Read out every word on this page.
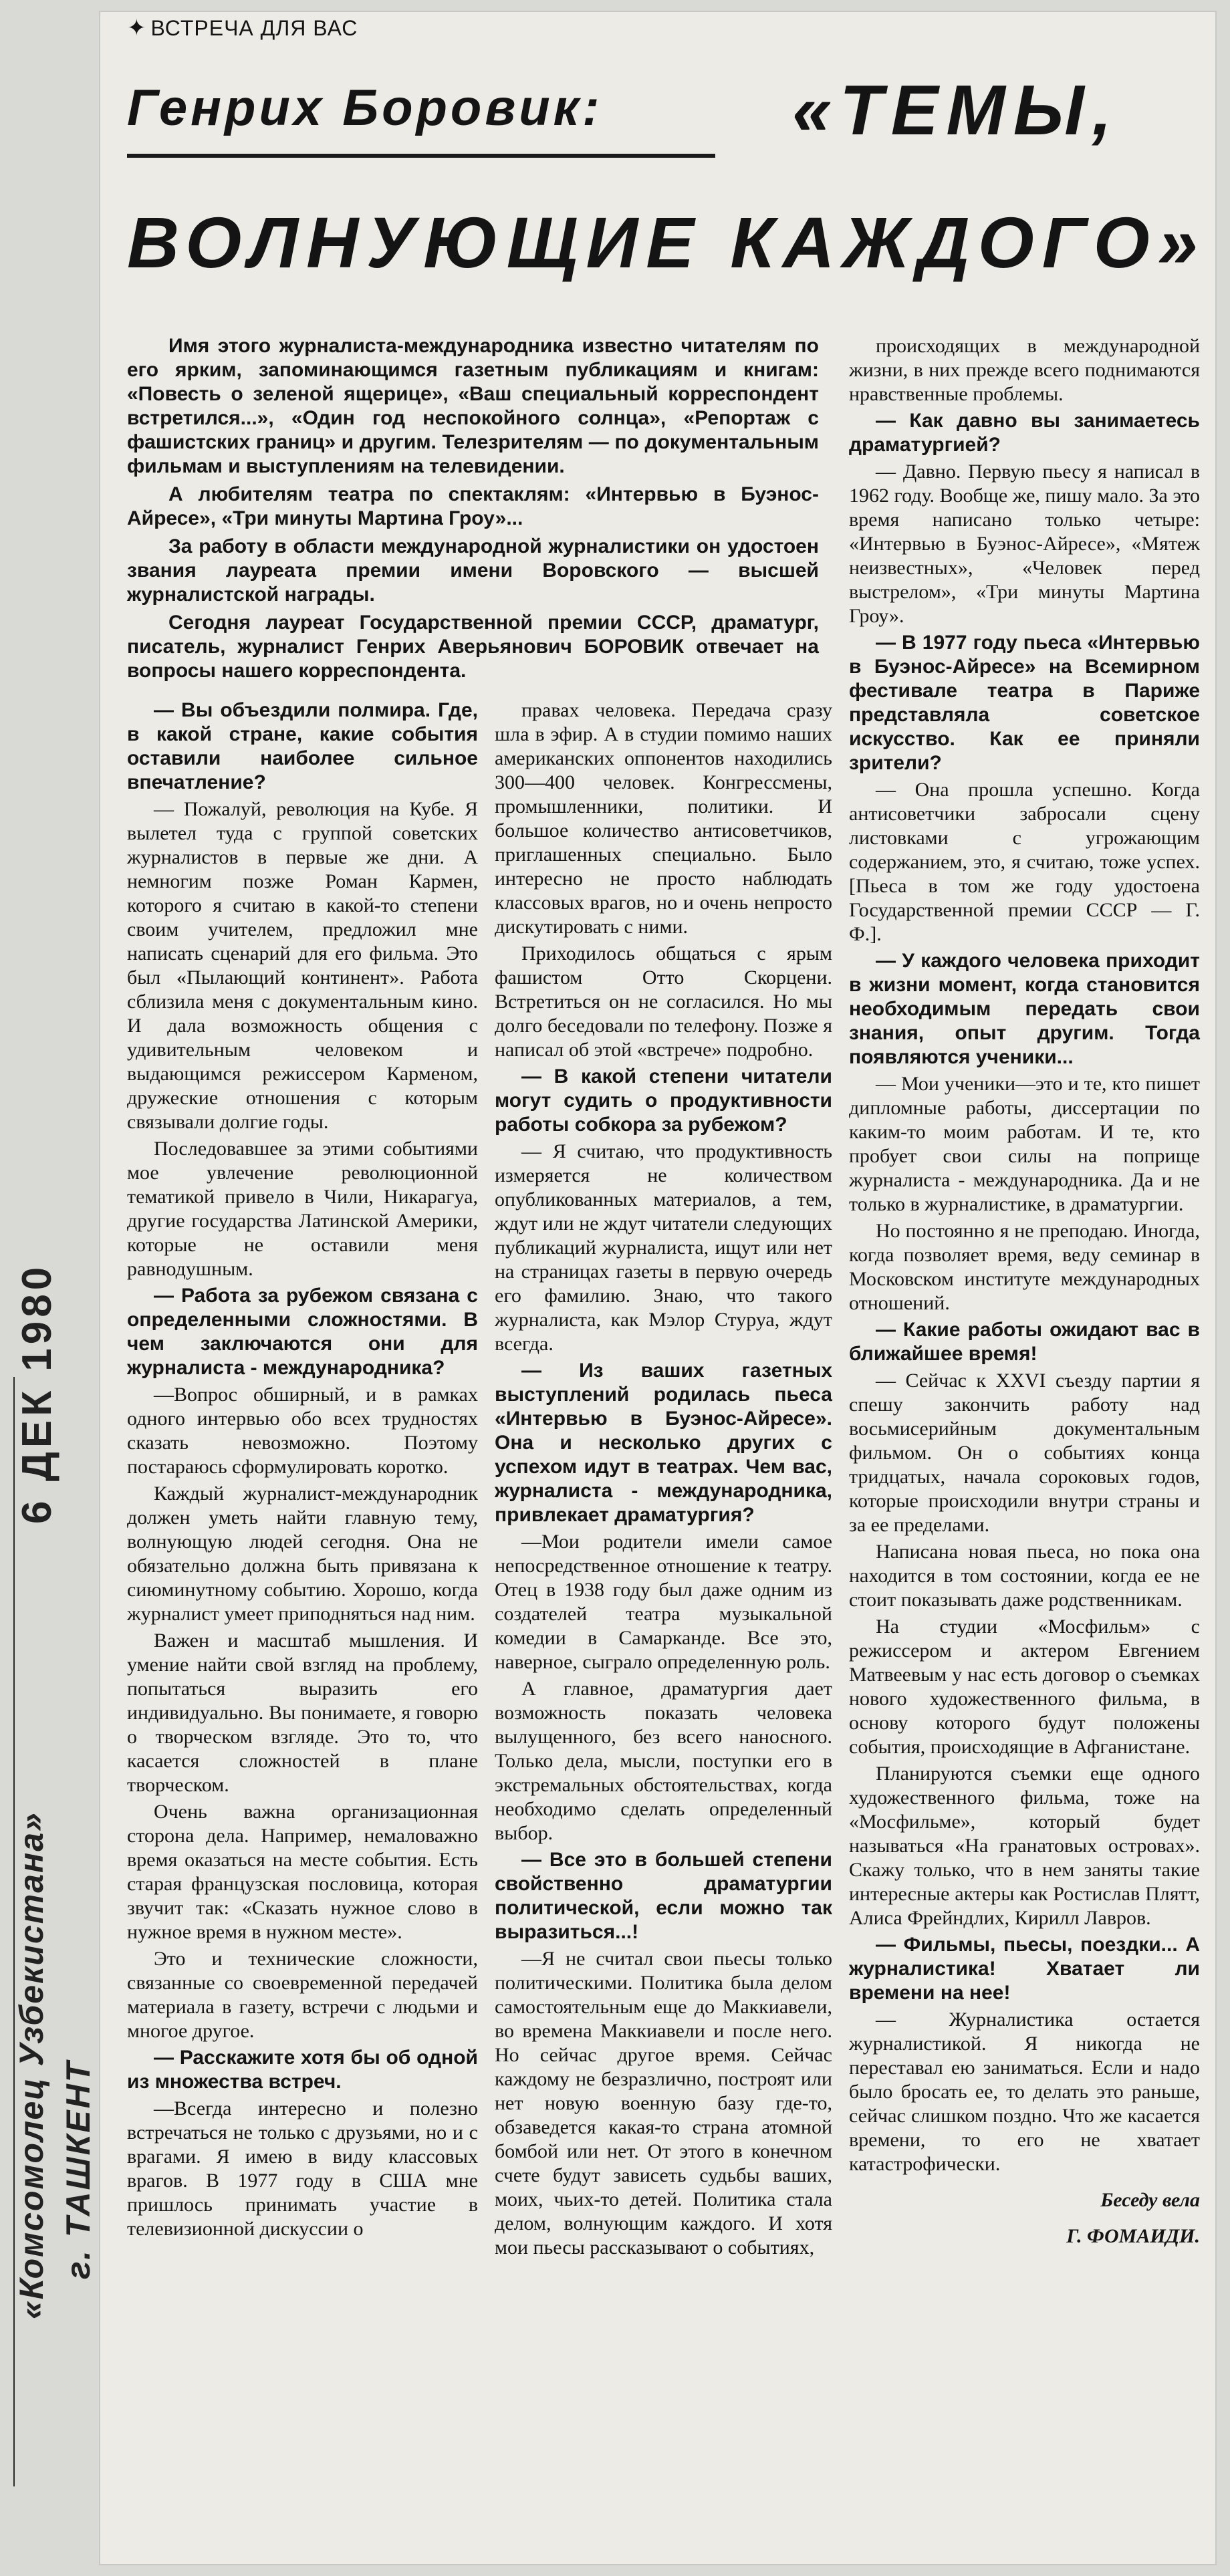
6 ДЕК 1980
«Комсомолец Узбекистана» г. ТАШКЕНТ
✦ ВСТРЕЧА ДЛЯ ВАС
Генрих Боровик:	«ТЕМЫ,
ВОЛНУЮЩИЕ КАЖДОГО»

Имя этого журналиста-международника известно читателям по его ярким, запоминающимся газетным публикациям и книгам: «Повесть о зеленой ящерице», «Ваш специальный корреспондент встретился...», «Один год неспокойного солнца», «Репортаж с фашистских границ» и другим. Телезрителям — по документальным фильмам и выступлениям на телевидении.

А любителям театра по спектаклям: «Интервью в Буэнос-Айресе», «Три минуты Мартина Гроу»...

За работу в области международной журналистики он удостоен звания лауреата премии имени Воровского — высшей журналистской награды.

Сегодня лауреат Государственной премии СССР, драматург, писатель, журналист Генрих Аверьянович БОРОВИК отвечает на вопросы нашего корреспондента.

— Вы объездили полмира. Где, в какой стране, какие события оставили наиболее сильное впечатление?

— Пожалуй, революция на Кубе. Я вылетел туда с группой советских журналистов в первые же дни. А немногим позже Роман Кармен, которого я считаю в какой-то степени своим учителем, предложил мне написать сценарий для его фильма. Это был «Пылающий континент». Работа сблизила меня с документальным кино. И дала возможность общения с удивительным человеком и выдающимся режиссером Карменом, дружеские отношения с которым связывали долгие годы.

Последовавшее за этими событиями мое увлечение революционной тематикой привело в Чили, Никарагуа, другие государства Латинской Америки, которые не оставили меня равнодушным.

— Работа за рубежом связана с определенными сложностями. В чем заключаются они для журналиста - международника?

—Вопрос обширный, и в рамках одного интервью обо всех трудностях сказать невозможно. Поэтому постараюсь сформулировать коротко.

Каждый журналист-международник должен уметь найти главную тему, волнующую людей сегодня. Она не обязательно должна быть привязана к сиюминутному событию. Хорошо, когда журналист умеет приподняться над ним.

Важен и масштаб мышления. И умение найти свой взгляд на проблему, попытаться выразить его индивидуально. Вы понимаете, я говорю о творческом взгляде. Это то, что касается сложностей в плане творческом.

Очень важна организационная сторона дела. Например, немаловажно время оказаться на месте события. Есть старая французская пословица, которая звучит так: «Сказать нужное слово в нужное время в нужном месте».

Это и технические сложности, связанные со своевременной передачей материала в газету, встречи с людьми и многое другое.

— Расскажите хотя бы об одной из множества встреч.

—Всегда интересно и полезно встречаться не только с друзьями, но и с врагами. Я имею в виду классовых врагов. В 1977 году в США мне пришлось принимать участие в телевизионной дискуссии о

правах человека. Передача сразу шла в эфир. А в студии помимо наших американских оппонентов находились 300—400 человек. Конгрессмены, промышленники, политики. И большое количество антисоветчиков, приглашенных специально. Было интересно не просто наблюдать классовых врагов, но и очень непросто дискутировать с ними.

Приходилось общаться с ярым фашистом Отто Скорцени. Встретиться он не согласился. Но мы долго беседовали по телефону. Позже я написал об этой «встрече» подробно.

— В какой степени читатели могут судить о продуктивности работы собкора за рубежом?

— Я считаю, что продуктивность измеряется не количеством опубликованных материалов, а тем, ждут или не ждут читатели следующих публикаций журналиста, ищут или нет на страницах газеты в первую очередь его фамилию. Знаю, что такого журналиста, как Мэлор Стуруа, ждут всегда.

— Из ваших газетных выступлений родилась пьеса «Интервью в Буэнос-Айресе». Она и несколько других с успехом идут в театрах. Чем вас, журналиста - международника, привлекает драматургия?

—Мои родители имели самое непосредственное отношение к театру. Отец в 1938 году был даже одним из создателей театра музыкальной комедии в Самарканде. Все это, наверное, сыграло определенную роль.

А главное, драматургия дает возможность показать человека вылущенного, без всего наносного. Только дела, мысли, поступки его в экстремальных обстоятельствах, когда необходимо сделать определенный выбор.

— Все это в большей степени свойственно драматургии политической, если можно так выразиться...!

—Я не считал свои пьесы только политическими. Политика была делом самостоятельным еще до Маккиавели, во времена Маккиавели и после него. Но сейчас другое время. Сейчас каждому не безразлично, построят или нет новую военную базу где-то, обзаведется какая-то страна атомной бомбой или нет. От этого в конечном счете будут зависеть судьбы ваших, моих, чьих-то детей. Политика стала делом, волнующим каждого. И хотя мои пьесы рассказывают о событиях,

происходящих в международной жизни, в них прежде всего поднимаются нравственные проблемы.

— Как давно вы занимаетесь драматургией?

— Давно. Первую пьесу я написал в 1962 году. Вообще же, пишу мало. За это время написано только четыре: «Интервью в Буэнос-Айресе», «Мятеж неизвестных», «Человек перед выстрелом», «Три минуты Мартина Гроу».

— В 1977 году пьеса «Интервью в Буэнос-Айресе» на Всемирном фестивале театра в Париже представляла советское искусство. Как ее приняли зрители?

— Она прошла успешно. Когда антисоветчики забросали сцену листовками с угрожающим содержанием, это, я считаю, тоже успех. [Пьеса в том же году удостоена Государственной премии СССР — Г. Ф.].

— У каждого человека приходит в жизни момент, когда становится необходимым передать свои знания, опыт другим. Тогда появляются ученики...

— Мои ученики—это и те, кто пишет дипломные работы, диссертации по каким-то моим работам. И те, кто пробует свои силы на поприще журналиста - международника. Да и не только в журналистике, в драматургии.

Но постоянно я не преподаю. Иногда, когда позволяет время, веду семинар в Московском институте международных отношений.

— Какие работы ожидают вас в ближайшее время!

— Сейчас к XXVI съезду партии я спешу закончить работу над восьмисерийным документальным фильмом. Он о событиях конца тридцатых, начала сороковых годов, которые происходили внутри страны и за ее пределами.

Написана новая пьеса, но пока она находится в том состоянии, когда ее не стоит показывать даже родственникам.

На студии «Мосфильм» с режиссером и актером Евгением Матвеевым у нас есть договор о съемках нового художественного фильма, в основу которого будут положены события, происходящие в Афганистане.

Планируются съемки еще одного художественного фильма, тоже на «Мосфильме», который будет называться «На гранатовых островах». Скажу только, что в нем заняты такие интересные актеры как Ростислав Плятт, Алиса Фрейндлих, Кирилл Лавров.

— Фильмы, пьесы, поездки... А журналистика! Хватает ли времени на нее!

— Журналистика остается журналистикой. Я никогда не переставал ею заниматься. Если и надо было бросать ее, то делать это раньше, сейчас слишком поздно. Что же касается времени, то его не хватает катастрофически.

Беседу вела

Г. ФОМАИДИ.
